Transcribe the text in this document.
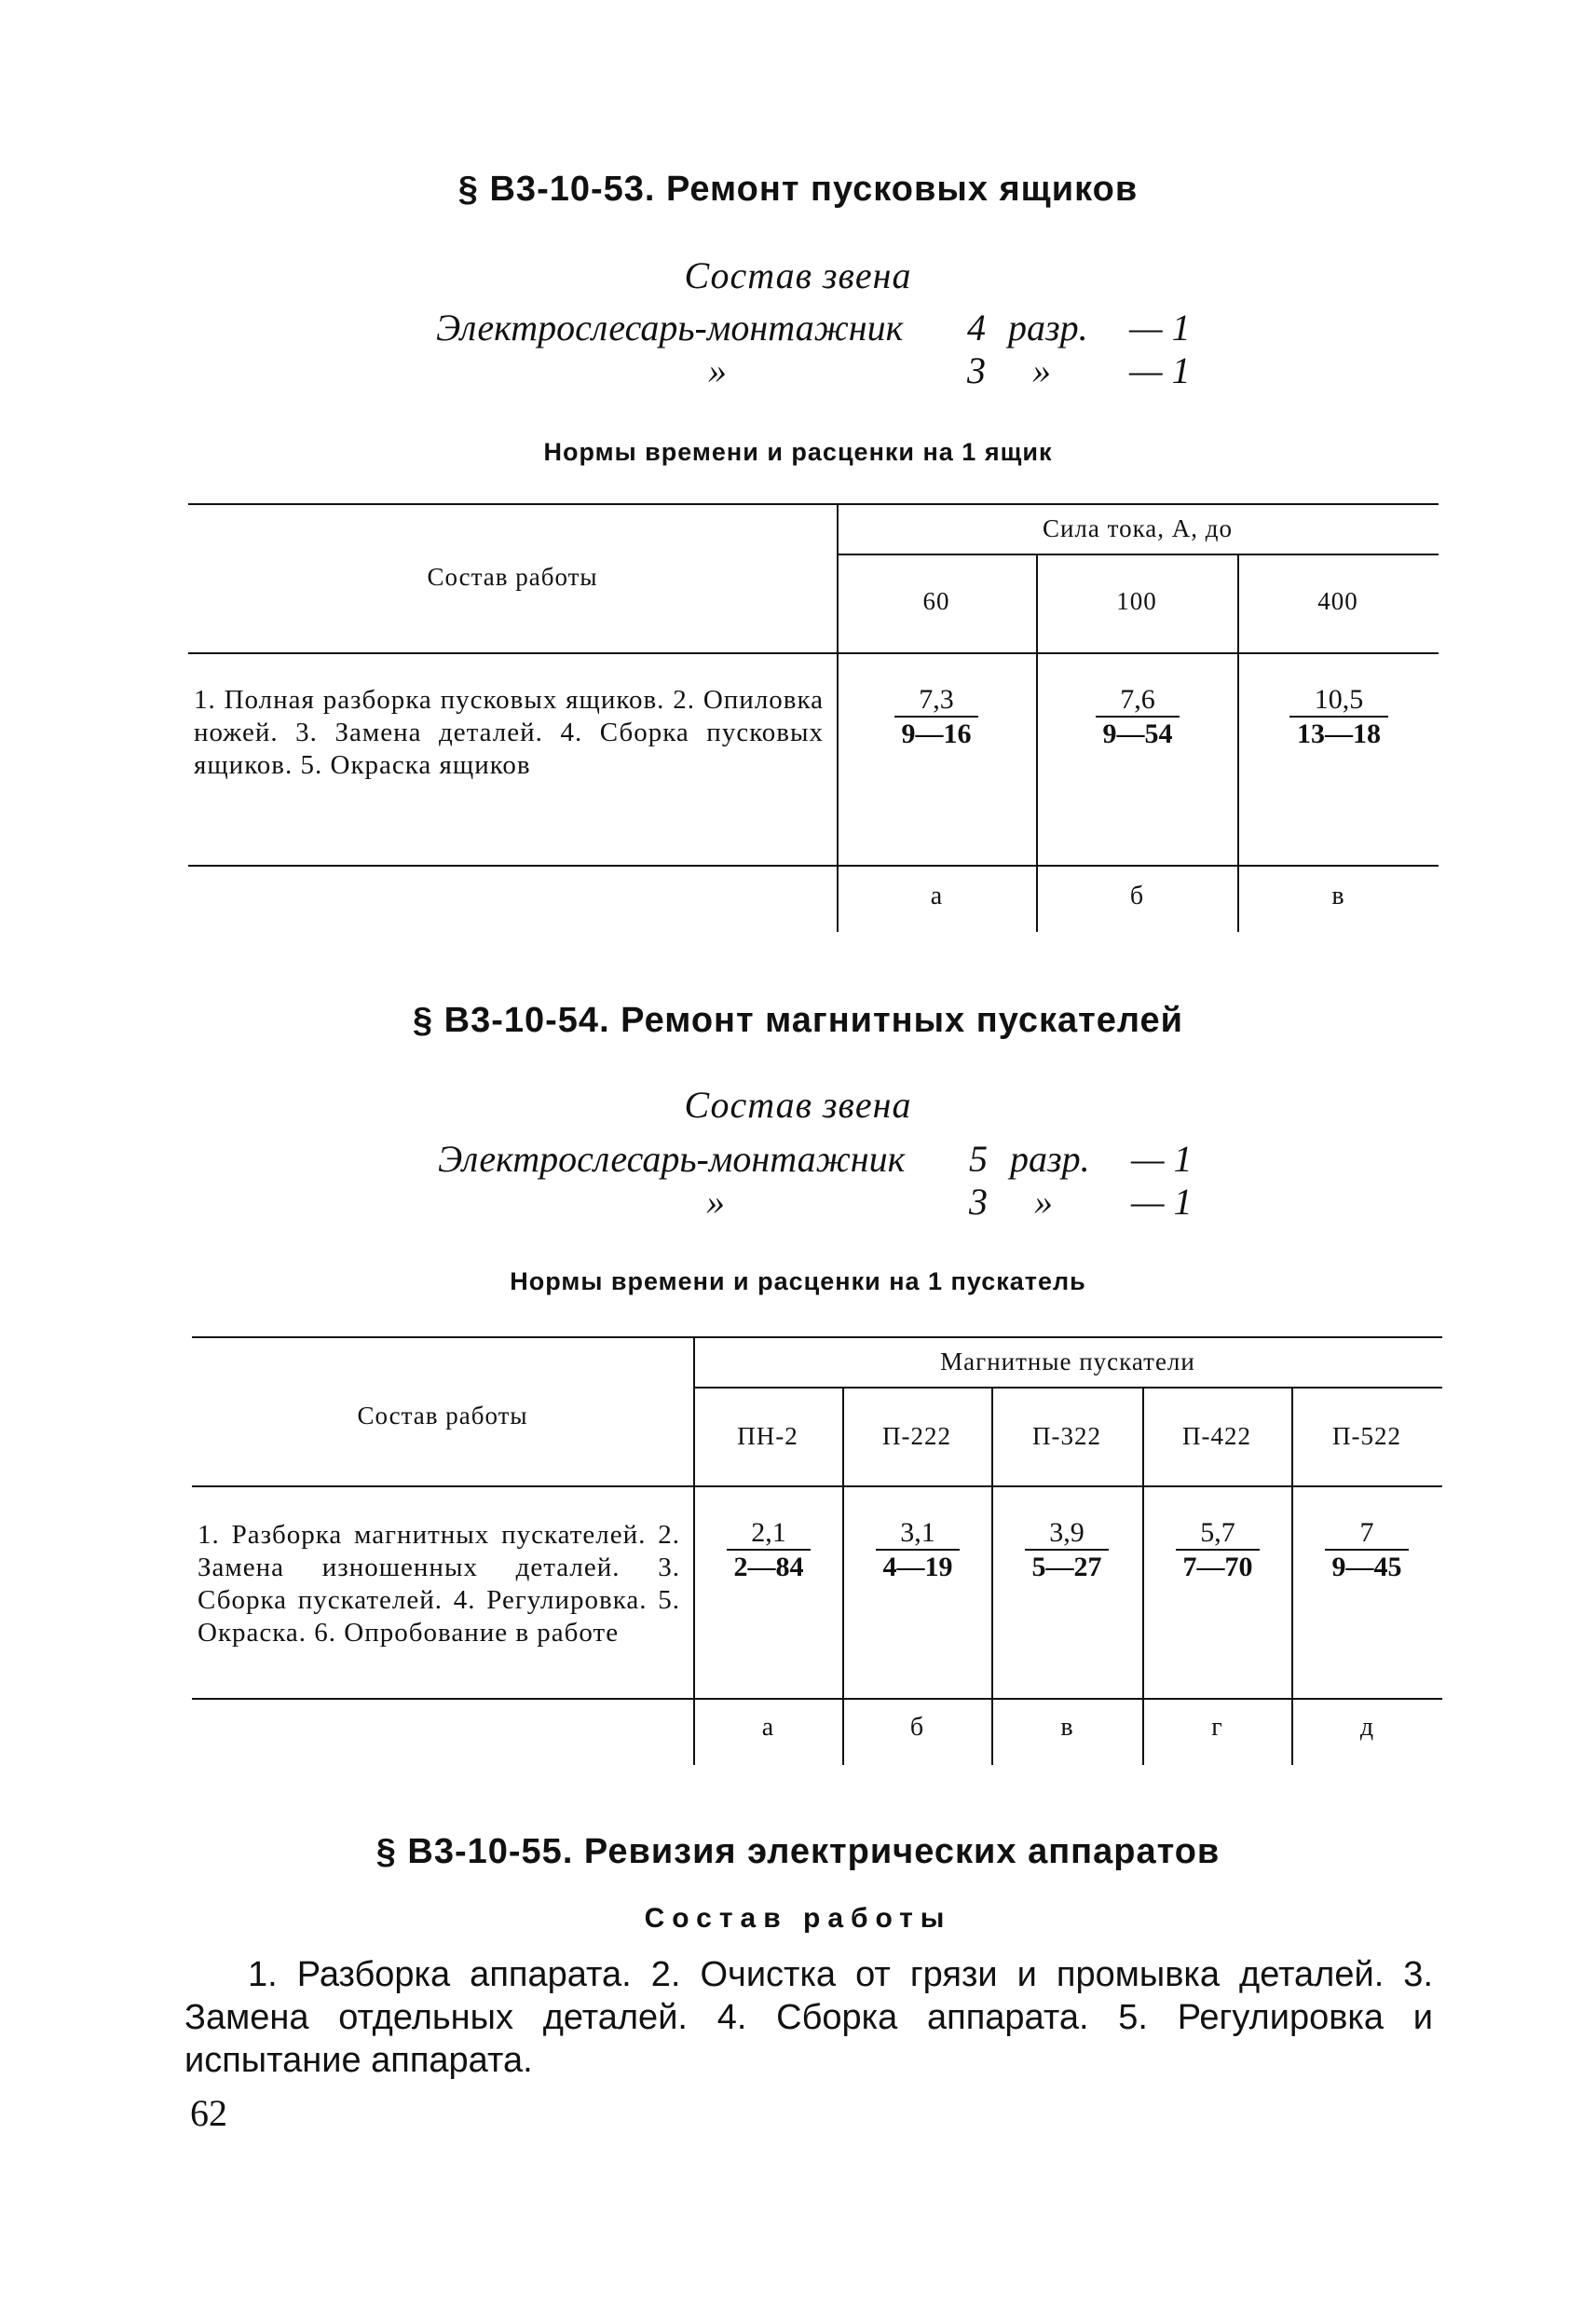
§ В3-10-53. Ремонт пусковых ящиков
Состав звена
Электрослесарь-монтажник 4 разр. — 1
»	3 » — 1
Нормы времени и расценки на 1 ящик
Состав работы
Сила тока, А, до
60	100	400
1. Полная разборка пусковых ящиков. 2. Опиловка ножей. 3. Замена деталей. 4. Сборка пусковых ящиков. 5. Окраска ящиков
$\frac{7,3}{9—16}$	$\frac{7,6}{9—54}$	$\frac{10,5}{13—18}$
а	б	в
§ В3-10-54. Ремонт магнитных пускателей
Состав звена
Электрослесарь-монтажник 5 разр. — 1
»	3 » — 1
Нормы времени и расценки на 1 пускатель
Состав работы
Магнитные пускатели
ПН-2	П-222	П-322	П-422	П-522
1. Разборка магнитных пускателей. 2. Замена изношенных деталей. 3. Сборка пускателей. 4. Регулировка. 5. Окраска. 6. Опробование в работе
$\frac{2,1}{2—84} \frac{3,1}{4—19} \frac{3,9}{5—27} \frac{5,7}{7—70} \frac{7}{9—45}$
а	б	в	г	д
§ В3-10-55. Ревизия электрических аппаратов
Состав работы
1. Разборка аппарата. 2. Очистка от грязи и промывка деталей. 3. Замена отдельных деталей. 4. Сборка аппарата. 5. Регулировка и испытание аппарата.
62
